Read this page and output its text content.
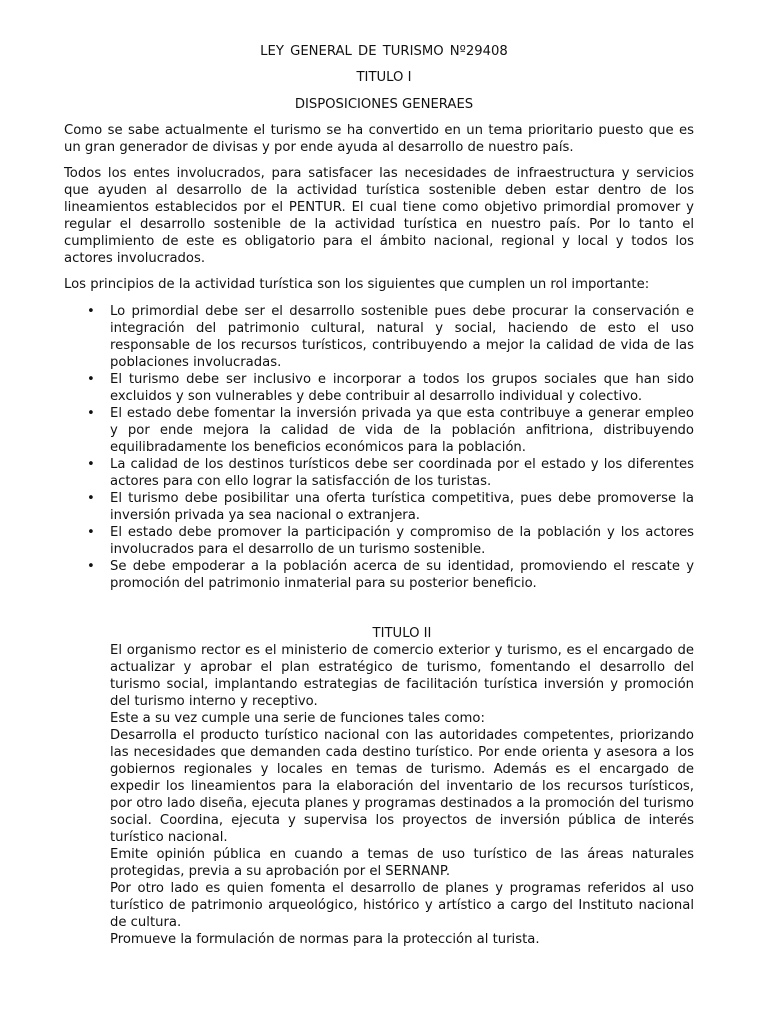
LEY GENERAL DE TURISMO Nº29408

TITULO I

DISPOSICIONES GENERAES

Como se sabe actualmente el turismo se ha convertido en un tema prioritario puesto que es un gran generador de divisas y por ende ayuda al desarrollo de nuestro país.

Todos los entes involucrados, para satisfacer las necesidades de infraestructura y servicios que ayuden al desarrollo de la actividad turística sostenible deben estar dentro de los lineamientos establecidos por el PENTUR. El cual tiene como objetivo primordial promover y regular el desarrollo sostenible de la actividad turística en nuestro país. Por lo tanto el cumplimiento de este es obligatorio para el ámbito nacional, regional y local y todos los actores involucrados.

Los principios de la actividad turística son los siguientes que cumplen un rol importante:

• Lo primordial debe ser el desarrollo sostenible pues debe procurar la conservación e integración del patrimonio cultural, natural y social, haciendo de esto el uso responsable de los recursos turísticos, contribuyendo a mejor la calidad de vida de las poblaciones involucradas.
• El turismo debe ser inclusivo e incorporar a todos los grupos sociales que han sido excluidos y son vulnerables y debe contribuir al desarrollo individual y colectivo.
• El estado debe fomentar la inversión privada ya que esta contribuye a generar empleo y por ende mejora la calidad de vida de la población anfitriona, distribuyendo equilibradamente los beneficios económicos para la población.
• La calidad de los destinos turísticos debe ser coordinada por el estado y los diferentes actores para con ello lograr la satisfacción de los turistas.
• El turismo debe posibilitar una oferta turística competitiva, pues debe promoverse la inversión privada ya sea nacional o extranjera.
• El estado debe promover la participación y compromiso de la población y los actores involucrados para el desarrollo de un turismo sostenible.
• Se debe empoderar a la población acerca de su identidad, promoviendo el rescate y promoción del patrimonio inmaterial para su posterior beneficio.

TITULO II

El organismo rector es el ministerio de comercio exterior y turismo, es el encargado de actualizar y aprobar el plan estratégico de turismo, fomentando el desarrollo del turismo social, implantando estrategias de facilitación turística inversión y promoción del turismo interno y receptivo.

Este a su vez cumple una serie de funciones tales como:

Desarrolla el producto turístico nacional con las autoridades competentes, priorizando las necesidades que demanden cada destino turístico. Por ende orienta y asesora a los gobiernos regionales y locales en temas de turismo. Además es el encargado de expedir los lineamientos para la elaboración del inventario de los recursos turísticos, por otro lado diseña, ejecuta planes y programas destinados a la promoción del turismo social. Coordina, ejecuta y supervisa los proyectos de inversión pública de interés turístico nacional.

Emite opinión pública en cuando a temas de uso turístico de las áreas naturales protegidas, previa a su aprobación por el SERNANP.

Por otro lado es quien fomenta el desarrollo de planes y programas referidos al uso turístico de patrimonio arqueológico, histórico y artístico a cargo del Instituto nacional de cultura.

Promueve la formulación de normas para la protección al turista.
